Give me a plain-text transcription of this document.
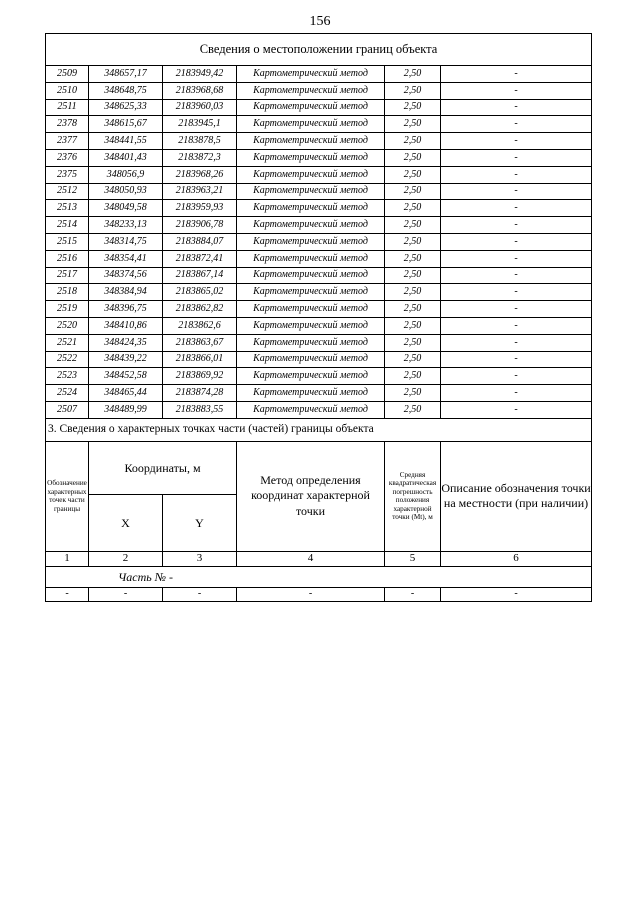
156
Сведения о местоположении границ объекта					
2509	348657,17	2183949,42	Картометрический метод	2,50	-
2510	348648,75	2183968,68	Картометрический метод	2,50	-
2511	348625,33	2183960,03	Картометрический метод	2,50	-
2378	348615,67	2183945,1	Картометрический метод	2,50	-
2377	348441,55	2183878,5	Картометрический метод	2,50	-
2376	348401,43	2183872,3	Картометрический метод	2,50	-
2375	348056,9	2183968,26	Картометрический метод	2,50	-
2512	348050,93	2183963,21	Картометрический метод	2,50	-
2513	348049,58	2183959,93	Картометрический метод	2,50	-
2514	348233,13	2183906,78	Картометрический метод	2,50	-
2515	348314,75	2183884,07	Картометрический метод	2,50	-
2516	348354,41	2183872,41	Картометрический метод	2,50	-
2517	348374,56	2183867,14	Картометрический метод	2,50	-
2518	348384,94	2183865,02	Картометрический метод	2,50	-
2519	348396,75	2183862,82	Картометрический метод	2,50	-
2520	348410,86	2183862,6	Картометрический метод	2,50	-
2521	348424,35	2183863,67	Картометрический метод	2,50	-
2522	348439,22	2183866,01	Картометрический метод	2,50	-
2523	348452,58	2183869,92	Картометрический метод	2,50	-
2524	348465,44	2183874,28	Картометрический метод	2,50	-
2507	348489,99	2183883,55	Картометрический метод	2,50	-
3. Сведения о характерных точках части (частей) границы объекта					
Обозначение характерных точек части границы	Координаты, м		Метод определения координат характерной точки	Средняя квадратическая погрешность положения характерной точки (Mt), м	Описание обозначения точки на местности (при наличии)
	X	Y			
1	2	3	4	5	6
Часть № -					
-	-	-	-	-	-
